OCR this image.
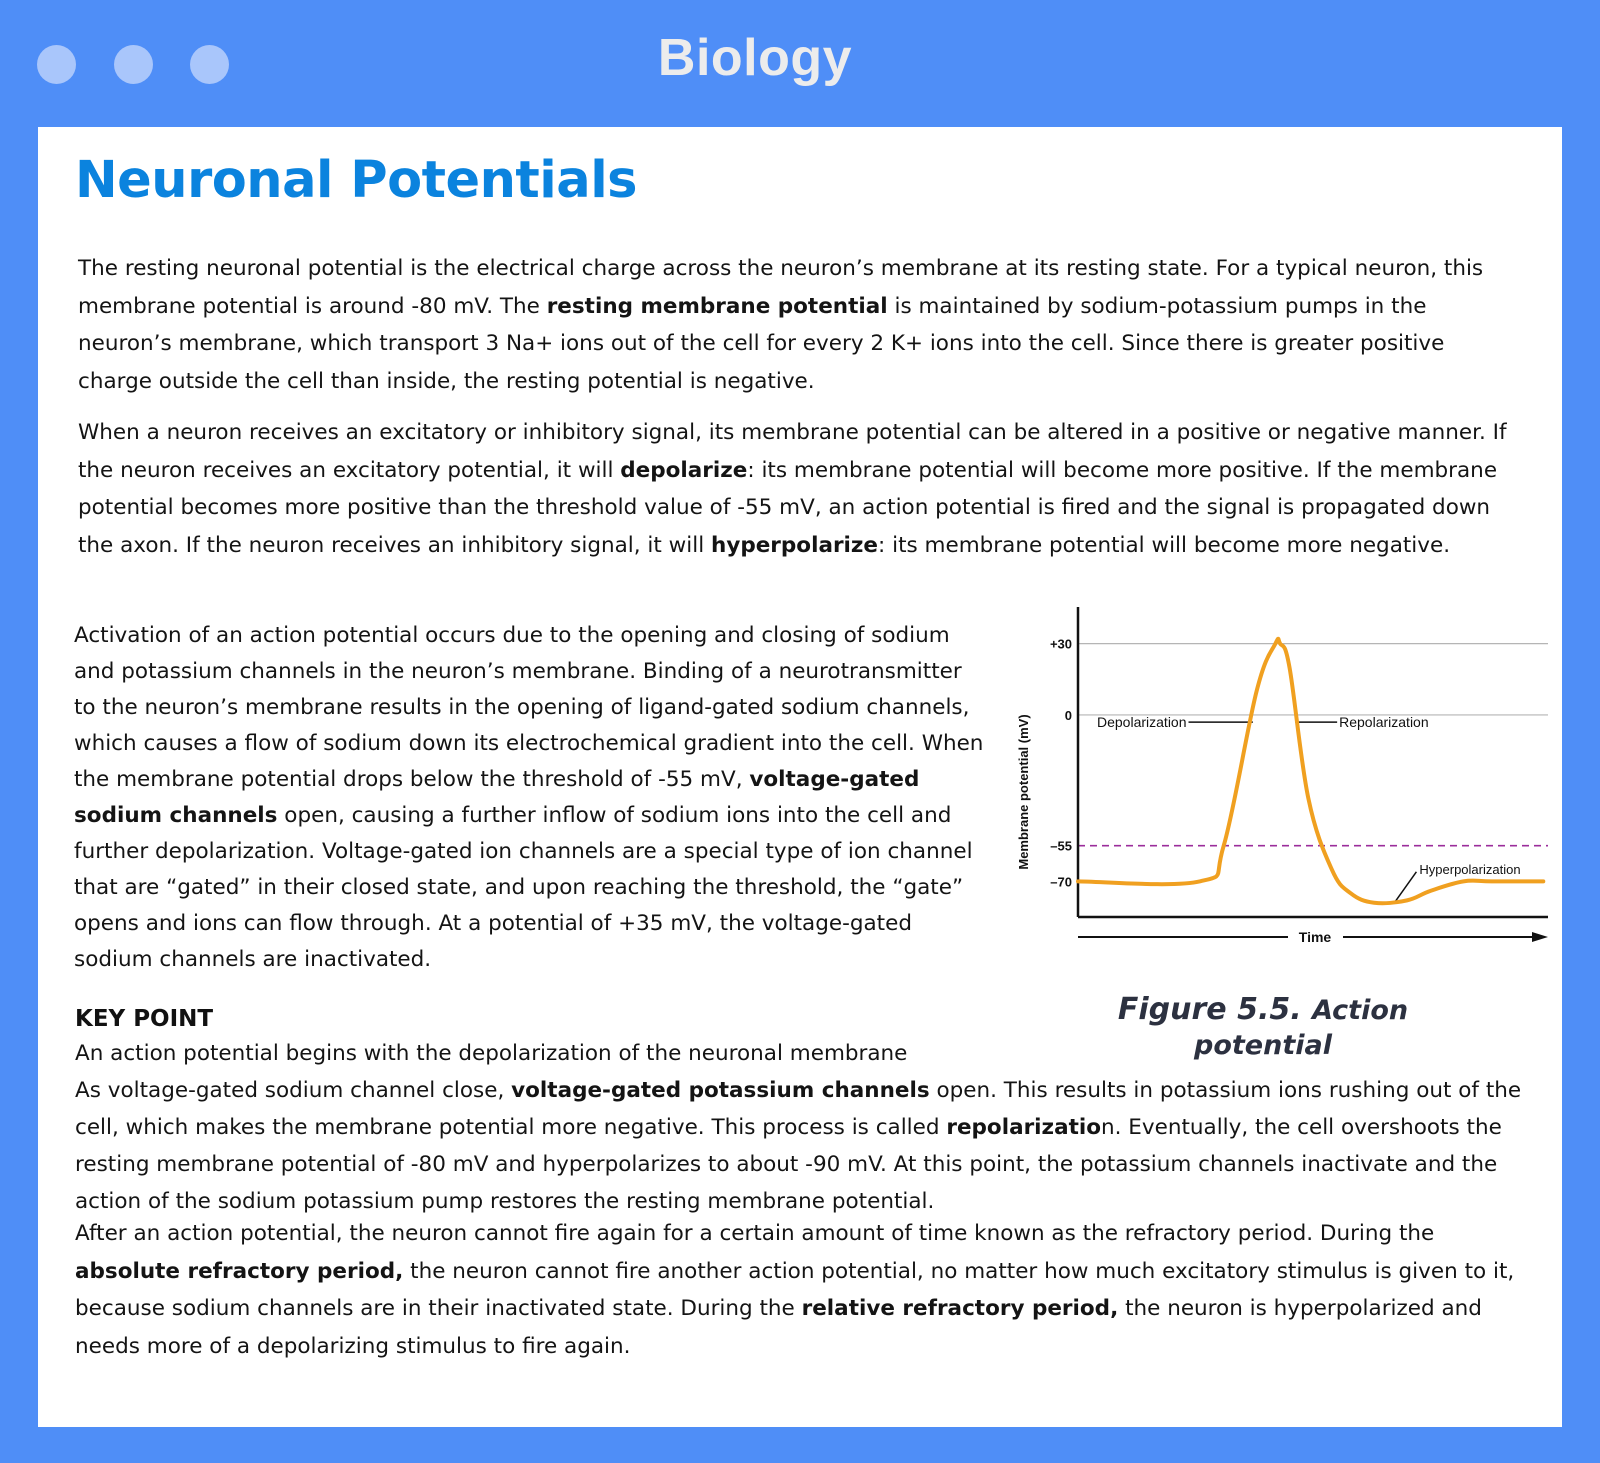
Biology
Neuronal Potentials

The resting neuronal potential is the electrical charge across the neuron’s membrane at its resting state. For a typical neuron, this membrane potential is around -80 mV. The resting membrane potential is maintained by sodium-potassium pumps in the neuron’s membrane, which transport 3 Na+ ions out of the cell for every 2 K+ ions into the cell. Since there is greater positive charge outside the cell than inside, the resting potential is negative.

When a neuron receives an excitatory or inhibitory signal, its membrane potential can be altered in a positive or negative manner. If the neuron receives an excitatory potential, it will depolarize: its membrane potential will become more positive. If the membrane potential becomes more positive than the threshold value of -55 mV, an action potential is fired and the signal is propagated down the axon. If the neuron receives an inhibitory signal, it will hyperpolarize: its membrane potential will become more negative.

Activation of an action potential occurs due to the opening and closing of sodium and potassium channels in the neuron’s membrane. Binding of a neurotransmitter to the neuron’s membrane results in the opening of ligand-gated sodium channels, which causes a flow of sodium down its electrochemical gradient into the cell. When the membrane potential drops below the threshold of -55 mV, voltage-gated sodium channels open, causing a further inflow of sodium ions into the cell and further depolarization. Voltage-gated ion channels are a special type of ion channel that are “gated” in their closed state, and upon reaching the threshold, the “gate” opens and ions can flow through. At a potential of +35 mV, the voltage-gated sodium channels are inactivated.

+30
0
–55
–70
Membrane potential (mV)
Time
Depolarization	Repolarization
Hyperpolarization
Figure 5.5. Action potential
KEY POINT

An action potential begins with the depolarization of the neuronal membrane

As voltage-gated sodium channel close, voltage-gated potassium channels open. This results in potassium ions rushing out of the cell, which makes the membrane potential more negative. This process is called repolarization. Eventually, the cell overshoots the resting membrane potential of -80 mV and hyperpolarizes to about -90 mV. At this point, the potassium channels inactivate and the action of the sodium potassium pump restores the resting membrane potential.

After an action potential, the neuron cannot fire again for a certain amount of time known as the refractory period. During the absolute refractory period, the neuron cannot fire another action potential, no matter how much excitatory stimulus is given to it, because sodium channels are in their inactivated state. During the relative refractory period, the neuron is hyperpolarized and needs more of a depolarizing stimulus to fire again.
